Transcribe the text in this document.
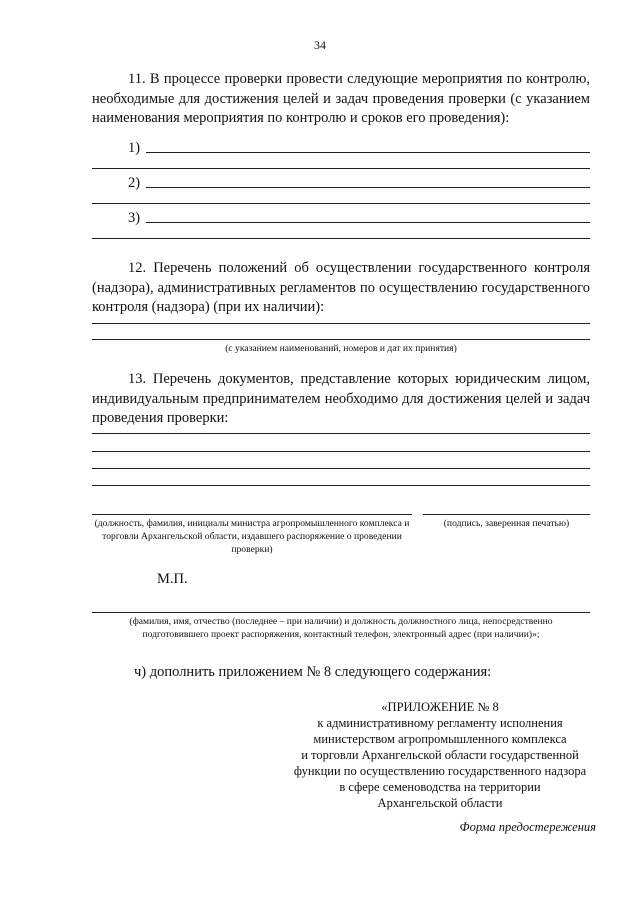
34

11. В процессе проверки провести следующие мероприятия по контролю, необходимые для достижения целей и задач проведения проверки (с указанием наименования мероприятия по контролю и сроков его проведения):

1)
2)
3)

12. Перечень положений об осуществлении государственного контроля (надзора), административных регламентов по осуществлению государственного контроля (надзора) (при их наличии):

(с указанием наименований, номеров и дат их принятия)

13. Перечень документов, представление которых юридическим лицом, индивидуальным предпринимателем необходимо для достижения целей и задач проведения проверки:

(должность, фамилия, инициалы министра агропромышленного комплекса и торговли Архангельской области, издавшего распоряжение о проведении проверки)
(подпись, заверенная печатью)
М.П.
(фамилия, имя, отчество (последнее – при наличии) и должность должностного лица, непосредственно подготовившего проект распоряжения, контактный телефон, электронный адрес (при наличии)»;
ч) дополнить приложением № 8 следующего содержания:
«ПРИЛОЖЕНИЕ № 8
к административному регламенту исполнения
министерством агропромышленного комплекса
и торговли Архангельской области государственной
функции по осуществлению государственного надзора
в сфере семеноводства на территории
Архангельской области
Форма предостережения
